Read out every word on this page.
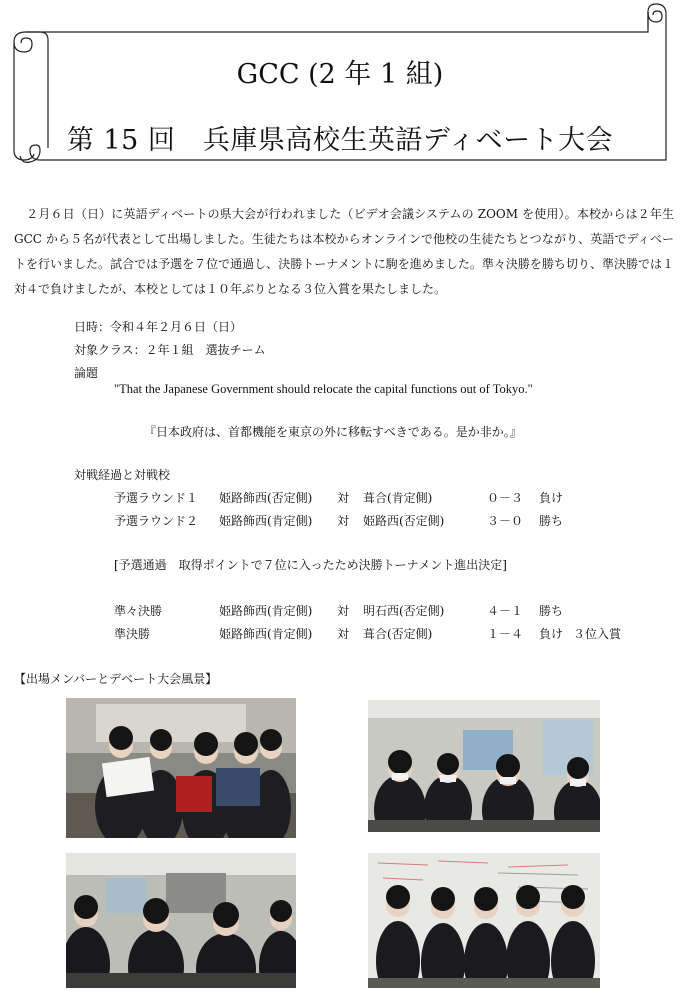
GCC (2 年 1 組)
第 15 回　兵庫県高校生英語ディベート大会
　２月６日（日）に英語ディベートの県大会が行われました（ビデオ会議システムの ZOOM を使用）。本校からは２年生 GCC から５名が代表として出場しました。生徒たちは本校からオンラインで他校の生徒たちとつながり、英語でディベートを行いました。試合では予選を７位で通過し、決勝トーナメントに駒を進めました。準々決勝を勝ち切り、準決勝では１対４で負けましたが、本校としては１０年ぶりとなる３位入賞を果たしました。
日時：令和４年２月６日（日）
対象クラス：２年１組　選抜チーム
論題
"That the Japanese Government should relocate the capital functions out of Tokyo."
『日本政府は、首都機能を東京の外に移転すべきである。是か非か。』
対戦経過と対戦校
予選ラウンド１ 姫路飾西(否定側) 対 葺合(肯定側)	０－３ 負け
予選ラウンド２ 姫路飾西(肯定側) 対 姫路西(否定側)	３－０ 勝ち
[予選通過　取得ポイントで７位に入ったため決勝トーナメント進出決定]
準々決勝	姫路飾西(肯定側) 対 明石西(否定側)	４－１ 勝ち
準決勝	姫路飾西(肯定側) 対 葺合(否定側)	１－４ 負け ３位入賞
【出場メンバーとデベート大会風景】
